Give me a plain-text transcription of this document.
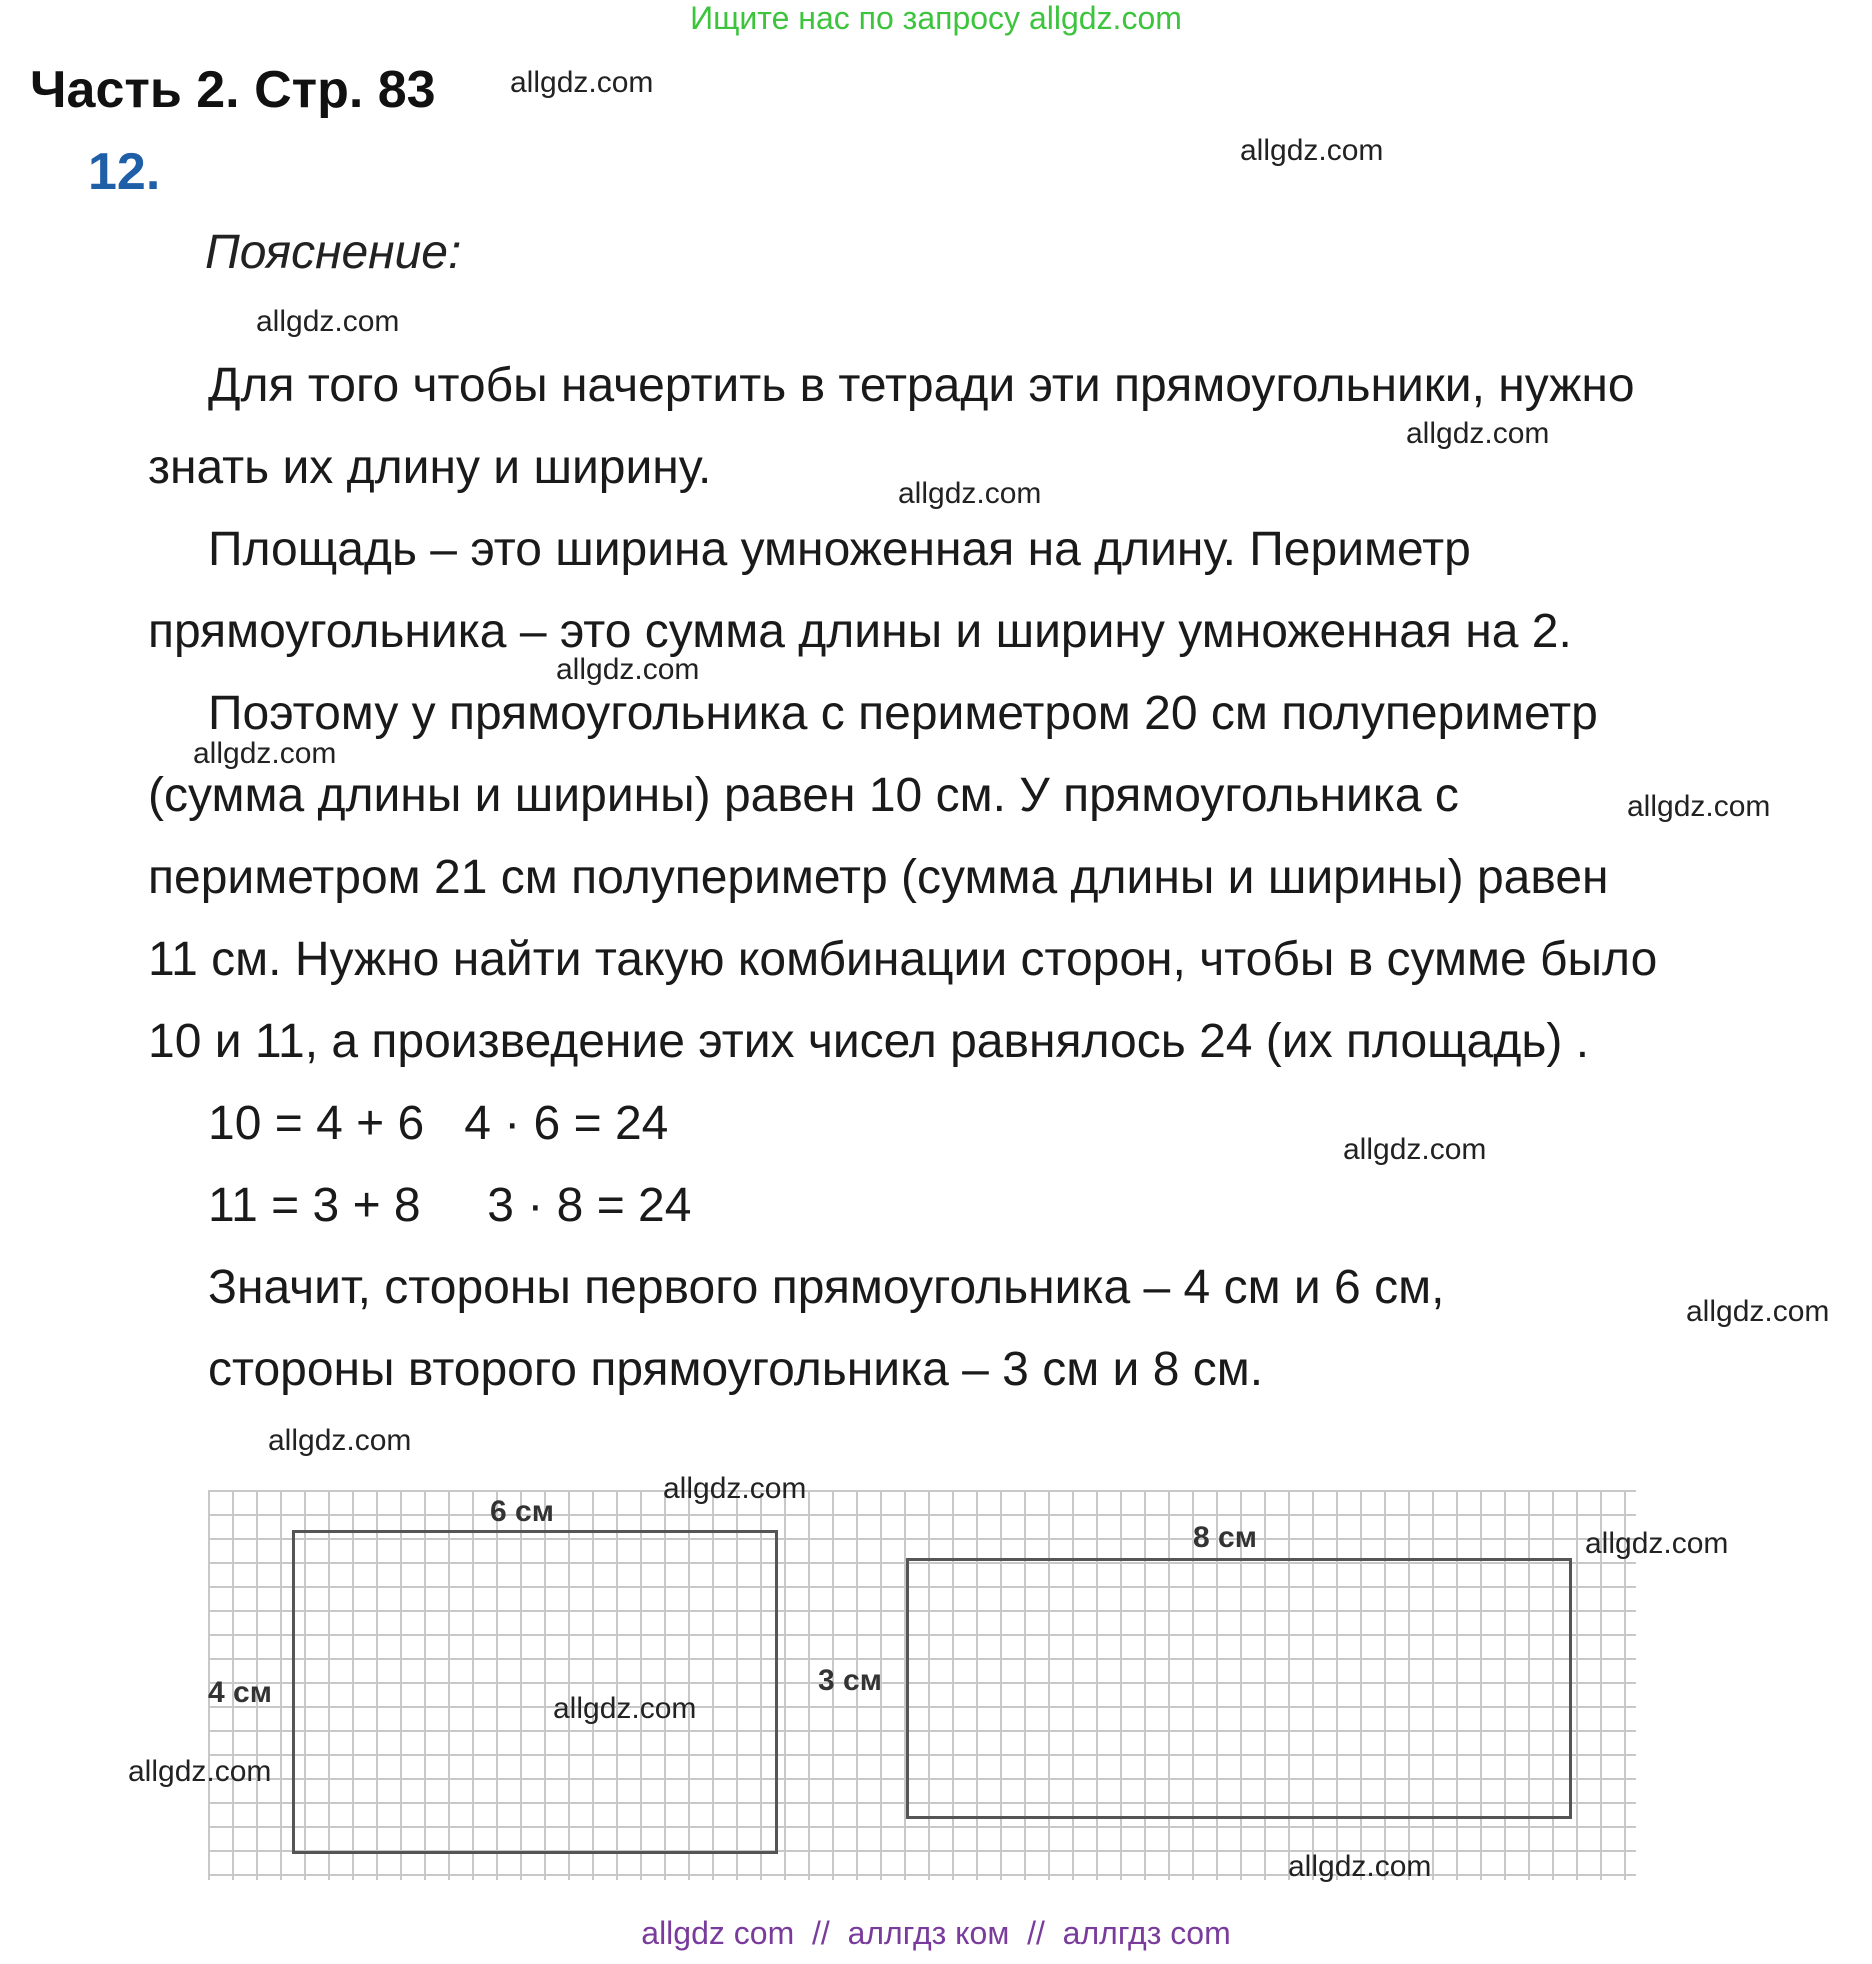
Ищите нас по запросу allgdz.com
Часть 2. Стр. 83
12.
Пояснение:
Для того чтобы начертить в тетради эти прямоугольники, нужно
знать их длину и ширину.
Площадь – это ширина умноженная на длину. Периметр
прямоугольника – это сумма длины и ширину умноженная на 2.
Поэтому у прямоугольника с периметром 20 см полупериметр
(сумма длины и ширины) равен 10 см. У прямоугольника с
периметром 21 см полупериметр (сумма длины и ширины) равен
11 см. Нужно найти такую комбинации сторон, чтобы в сумме было
10 и 11, а произведение этих чисел равнялось 24 (их площадь) .
10 = 4 + 6   4 · 6 = 24
11 = 3 + 8     3 · 8 = 24
Значит, стороны первого прямоугольника – 4 см и 6 см,
стороны второго прямоугольника – 3 см и 8 см.
6 см
4 см
8 см
3 см
allgdz.com
allgdz.com
allgdz.com
allgdz.com
allgdz.com
allgdz.com
allgdz.com
allgdz.com
allgdz.com
allgdz.com
allgdz.com
allgdz.com
allgdz.com
allgdz.com
allgdz.com
allgdz.com
allgdz com  //  аллгдз ком  //  аллгдз com
